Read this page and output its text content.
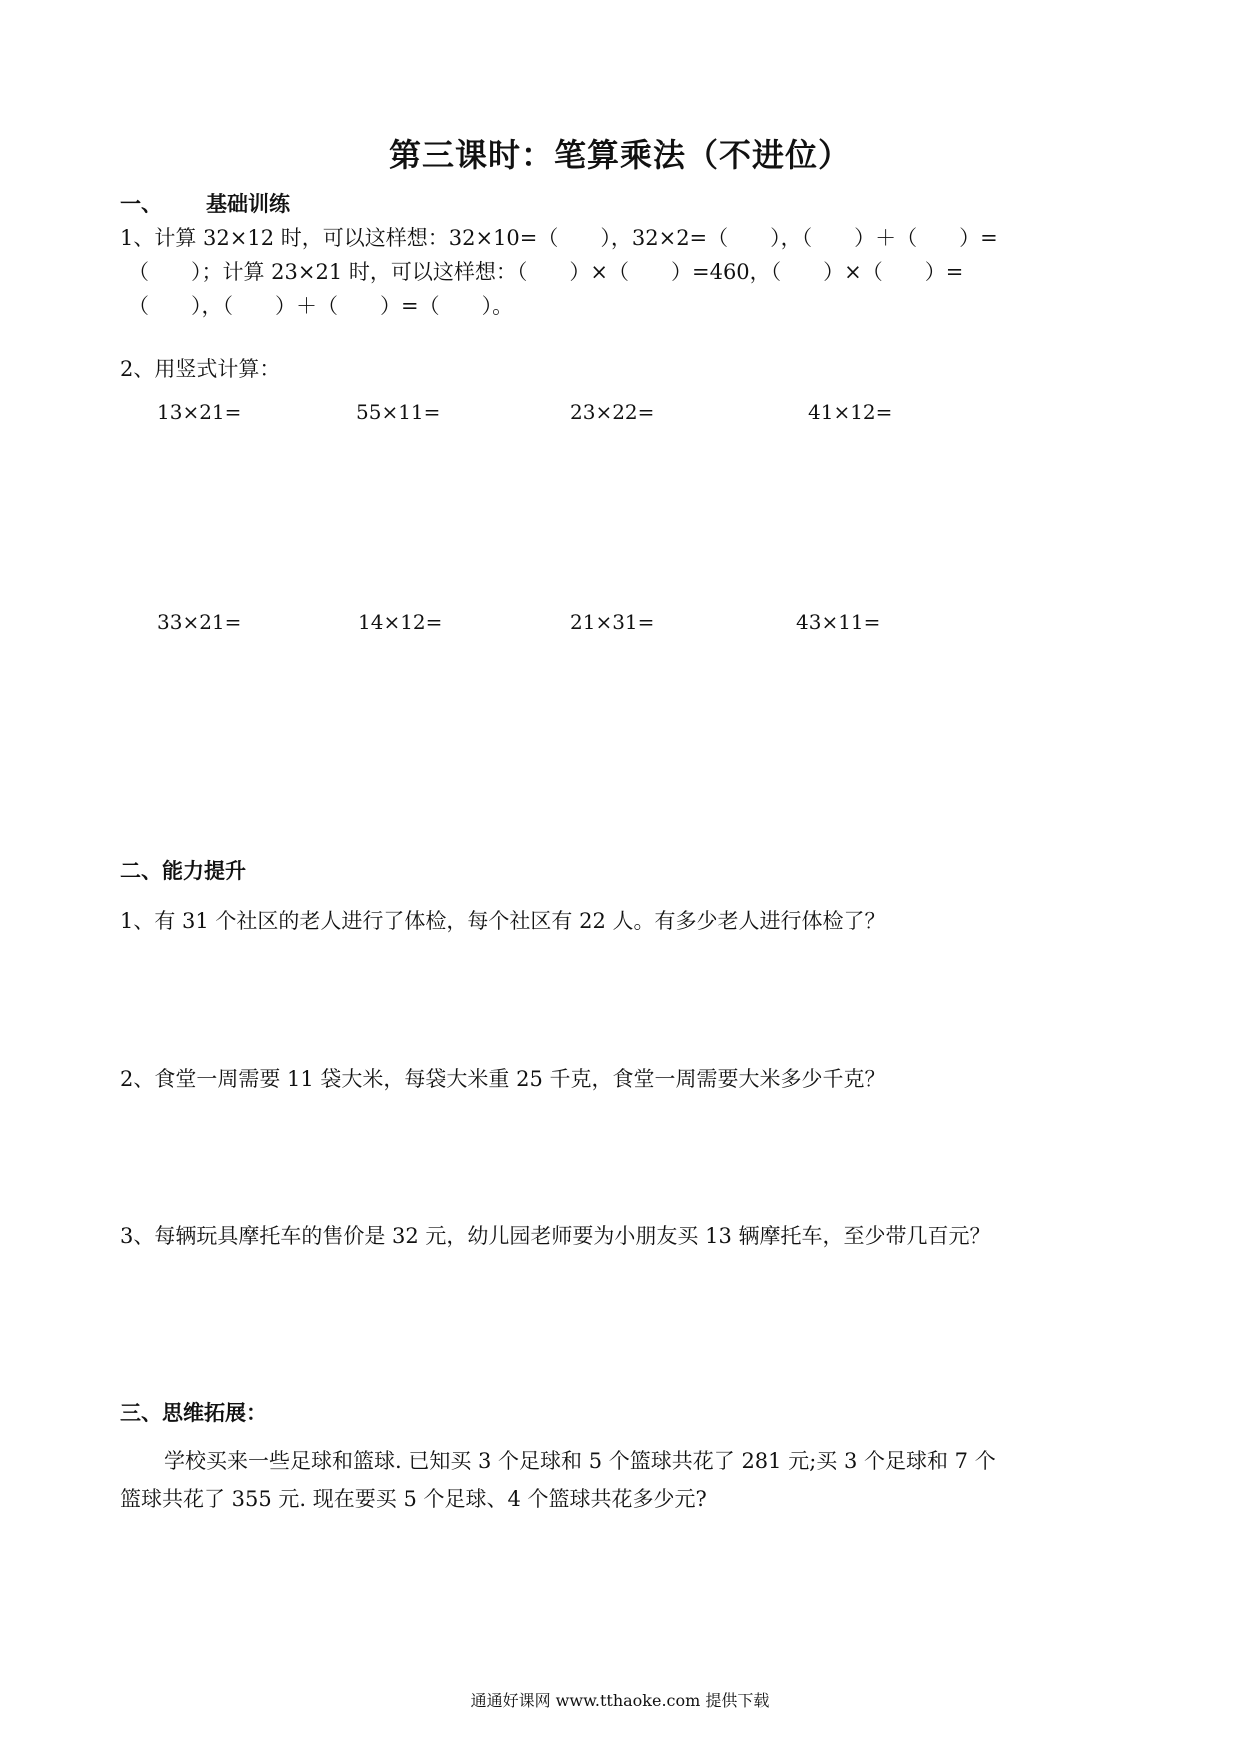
第三课时：笔算乘法（不进位）
一、 基础训练
1、计算 32×12 时，可以这样想：32×10=（　　），32×2=（　　），（　　）＋（　　）=
（　　）；计算 23×21 时，可以这样想：（　　）×（　　）=460，（　　）×（　　）=
（　　），（　　）＋（　　）=（　　）。
2、用竖式计算：
13×21=	55×11=	23×22=	41×12=
33×21=	14×12=	21×31=	43×11=
二、能力提升
1、有 31 个社区的老人进行了体检，每个社区有 22 人。有多少老人进行体检了？
2、食堂一周需要 11 袋大米，每袋大米重 25 千克，食堂一周需要大米多少千克？
3、每辆玩具摩托车的售价是 32 元，幼儿园老师要为小朋友买 13 辆摩托车，至少带几百元？
三、思维拓展：
学校买来一些足球和篮球. 已知买 3 个足球和 5 个篮球共花了 281 元;买 3 个足球和 7 个
篮球共花了 355 元. 现在要买 5 个足球、4 个篮球共花多少元?
通通好课网 www.tthaoke.com 提供下载
